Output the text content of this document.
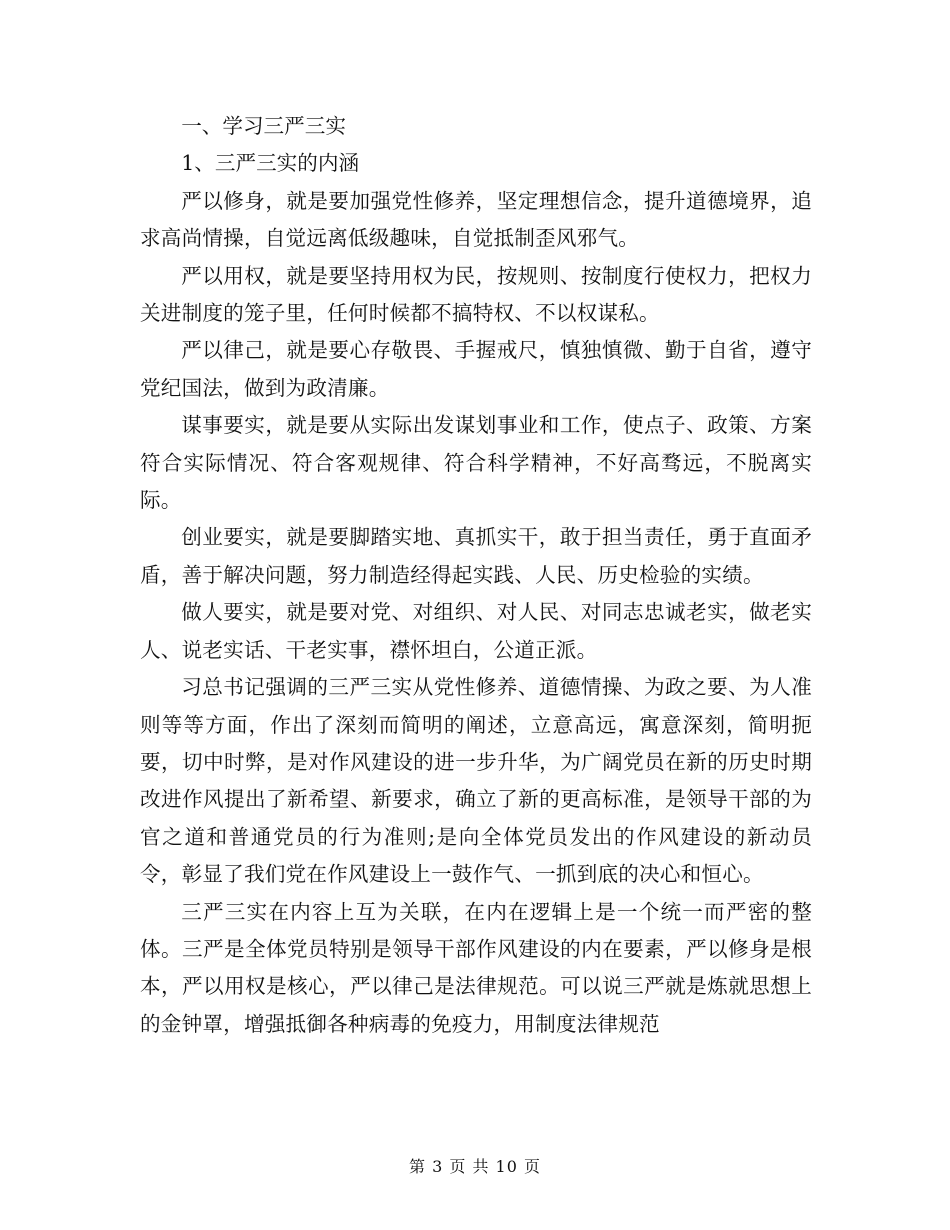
一、学习三严三实

1、三严三实的内涵

严以修身，就是要加强党性修养，坚定理想信念，提升道德境界，追求高尚情操，自觉远离低级趣味，自觉抵制歪风邪气。

严以用权，就是要坚持用权为民，按规则、按制度行使权力，把权力关进制度的笼子里，任何时候都不搞特权、不以权谋私。

严以律己，就是要心存敬畏、手握戒尺，慎独慎微、勤于自省，遵守党纪国法，做到为政清廉。

谋事要实，就是要从实际出发谋划事业和工作，使点子、政策、方案符合实际情况、符合客观规律、符合科学精神，不好高骛远，不脱离实际。

创业要实，就是要脚踏实地、真抓实干，敢于担当责任，勇于直面矛盾，善于解决问题，努力制造经得起实践、人民、历史检验的实绩。

做人要实，就是要对党、对组织、对人民、对同志忠诚老实，做老实人、说老实话、干老实事，襟怀坦白，公道正派。

习总书记强调的三严三实从党性修养、道德情操、为政之要、为人准则等等方面，作出了深刻而简明的阐述，立意高远，寓意深刻，简明扼要，切中时弊，是对作风建设的进一步升华，为广阔党员在新的历史时期改进作风提出了新希望、新要求，确立了新的更高标准，是领导干部的为官之道和普通党员的行为准则;是向全体党员发出的作风建设的新动员令，彰显了我们党在作风建设上一鼓作气、一抓到底的决心和恒心。

三严三实在内容上互为关联，在内在逻辑上是一个统一而严密的整体。三严是全体党员特别是领导干部作风建设的内在要素，严以修身是根本，严以用权是核心，严以律己是法律规范。可以说三严就是炼就思想上的金钟罩，增强抵御各种病毒的免疫力，用制度法律规范

第 3 页 共 10 页
